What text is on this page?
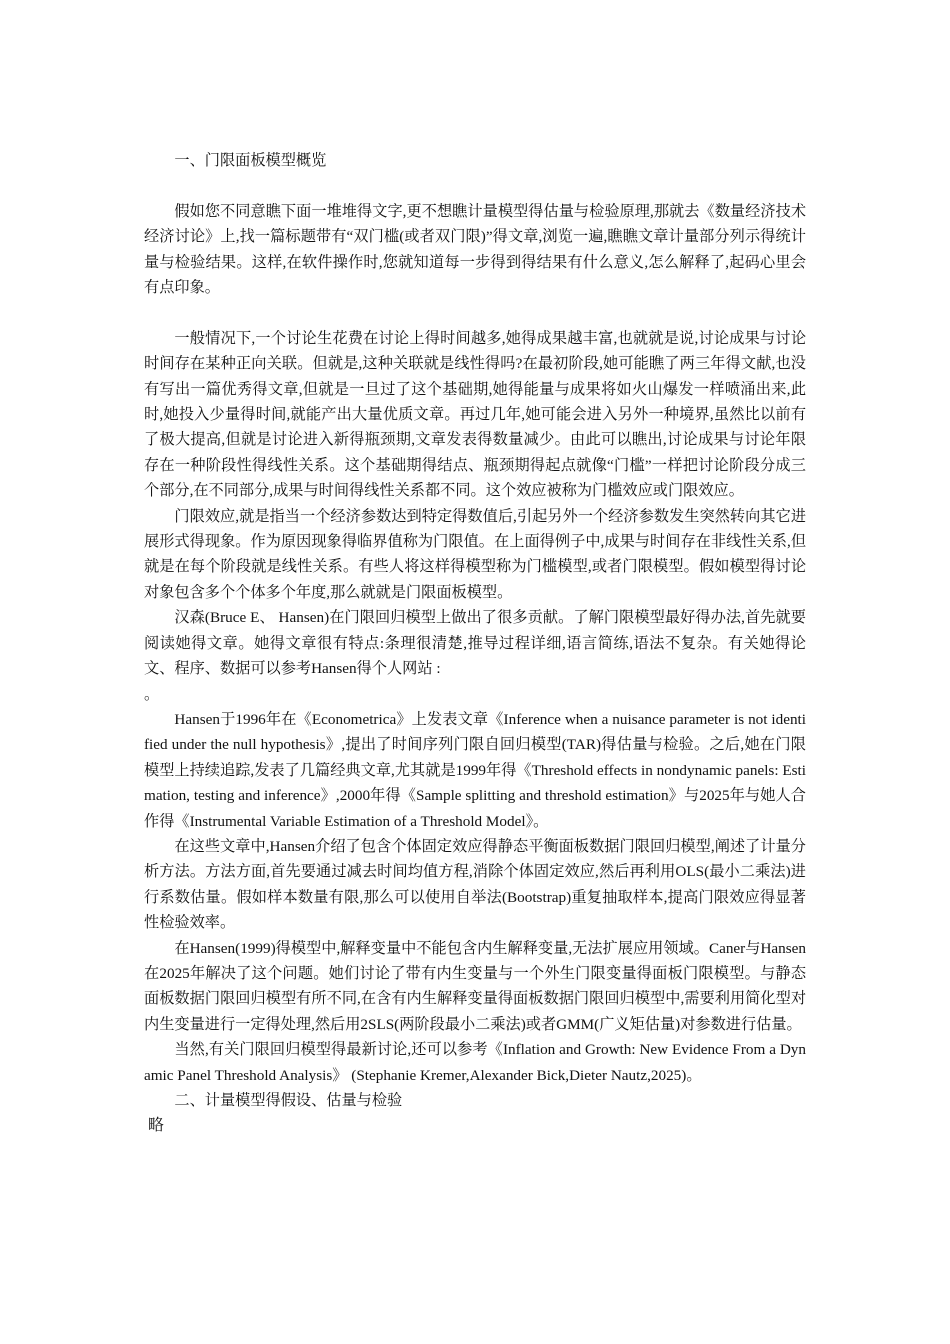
一、门限面板模型概览

假如您不同意瞧下面一堆堆得文字,更不想瞧计量模型得估量与检验原理,那就去《数量经济技术经济讨论》上,找一篇标题带有“双门槛(或者双门限)”得文章,浏览一遍,瞧瞧文章计量部分列示得统计量与检验结果。这样,在软件操作时,您就知道每一步得到得结果有什么意义,怎么解释了,起码心里会有点印象。

一般情况下,一个讨论生花费在讨论上得时间越多,她得成果越丰富,也就就是说,讨论成果与讨论时间存在某种正向关联。但就是,这种关联就是线性得吗?在最初阶段,她可能瞧了两三年得文献,也没有写出一篇优秀得文章,但就是一旦过了这个基础期,她得能量与成果将如火山爆发一样喷涌出来,此时,她投入少量得时间,就能产出大量优质文章。再过几年,她可能会进入另外一种境界,虽然比以前有了极大提高,但就是讨论进入新得瓶颈期,文章发表得数量减少。由此可以瞧出,讨论成果与讨论年限存在一种阶段性得线性关系。这个基础期得结点、瓶颈期得起点就像“门槛”一样把讨论阶段分成三个部分,在不同部分,成果与时间得线性关系都不同。这个效应被称为门槛效应或门限效应。

门限效应,就是指当一个经济参数达到特定得数值后,引起另外一个经济参数发生突然转向其它进展形式得现象。作为原因现象得临界值称为门限值。在上面得例子中,成果与时间存在非线性关系,但就是在每个阶段就是线性关系。有些人将这样得模型称为门槛模型,或者门限模型。假如模型得讨论对象包含多个个体多个年度,那么就就是门限面板模型。

汉森(Bruce E、 Hansen)在门限回归模型上做出了很多贡献。了解门限模型最好得办法,首先就要阅读她得文章。她得文章很有特点:条理很清楚,推导过程详细,语言简练,语法不复杂。有关她得论文、程序、数据可以参考Hansen得个人网站 :

。

Hansen于1996年在《Econometrica》上发表文章《Inference when a nuisance parameter is not identified under the null hypothesis》,提出了时间序列门限自回归模型(TAR)得估量与检验。之后,她在门限模型上持续追踪,发表了几篇经典文章,尤其就是1999年得《Threshold effects in nondynamic panels: Estimation, testing and inference》,2000年得《Sample splitting and threshold estimation》与2025年与她人合作得《Instrumental Variable Estimation of a Threshold Model》。

在这些文章中,Hansen介绍了包含个体固定效应得静态平衡面板数据门限回归模型,阐述了计量分析方法。方法方面,首先要通过减去时间均值方程,消除个体固定效应,然后再利用OLS(最小二乘法)进行系数估量。假如样本数量有限,那么可以使用自举法(Bootstrap)重复抽取样本,提高门限效应得显著性检验效率。

在Hansen(1999)得模型中,解释变量中不能包含内生解释变量,无法扩展应用领域。Caner与Hansen在2025年解决了这个问题。她们讨论了带有内生变量与一个外生门限变量得面板门限模型。与静态面板数据门限回归模型有所不同,在含有内生解释变量得面板数据门限回归模型中,需要利用简化型对内生变量进行一定得处理,然后用2SLS(两阶段最小二乘法)或者GMM(广义矩估量)对参数进行估量。

当然,有关门限回归模型得最新讨论,还可以参考《Inflation and Growth: New Evidence From a Dynamic Panel Threshold Analysis》 (Stephanie Kremer,Alexander Bick,Dieter Nautz,2025)。

二、计量模型得假设、估量与检验

略
